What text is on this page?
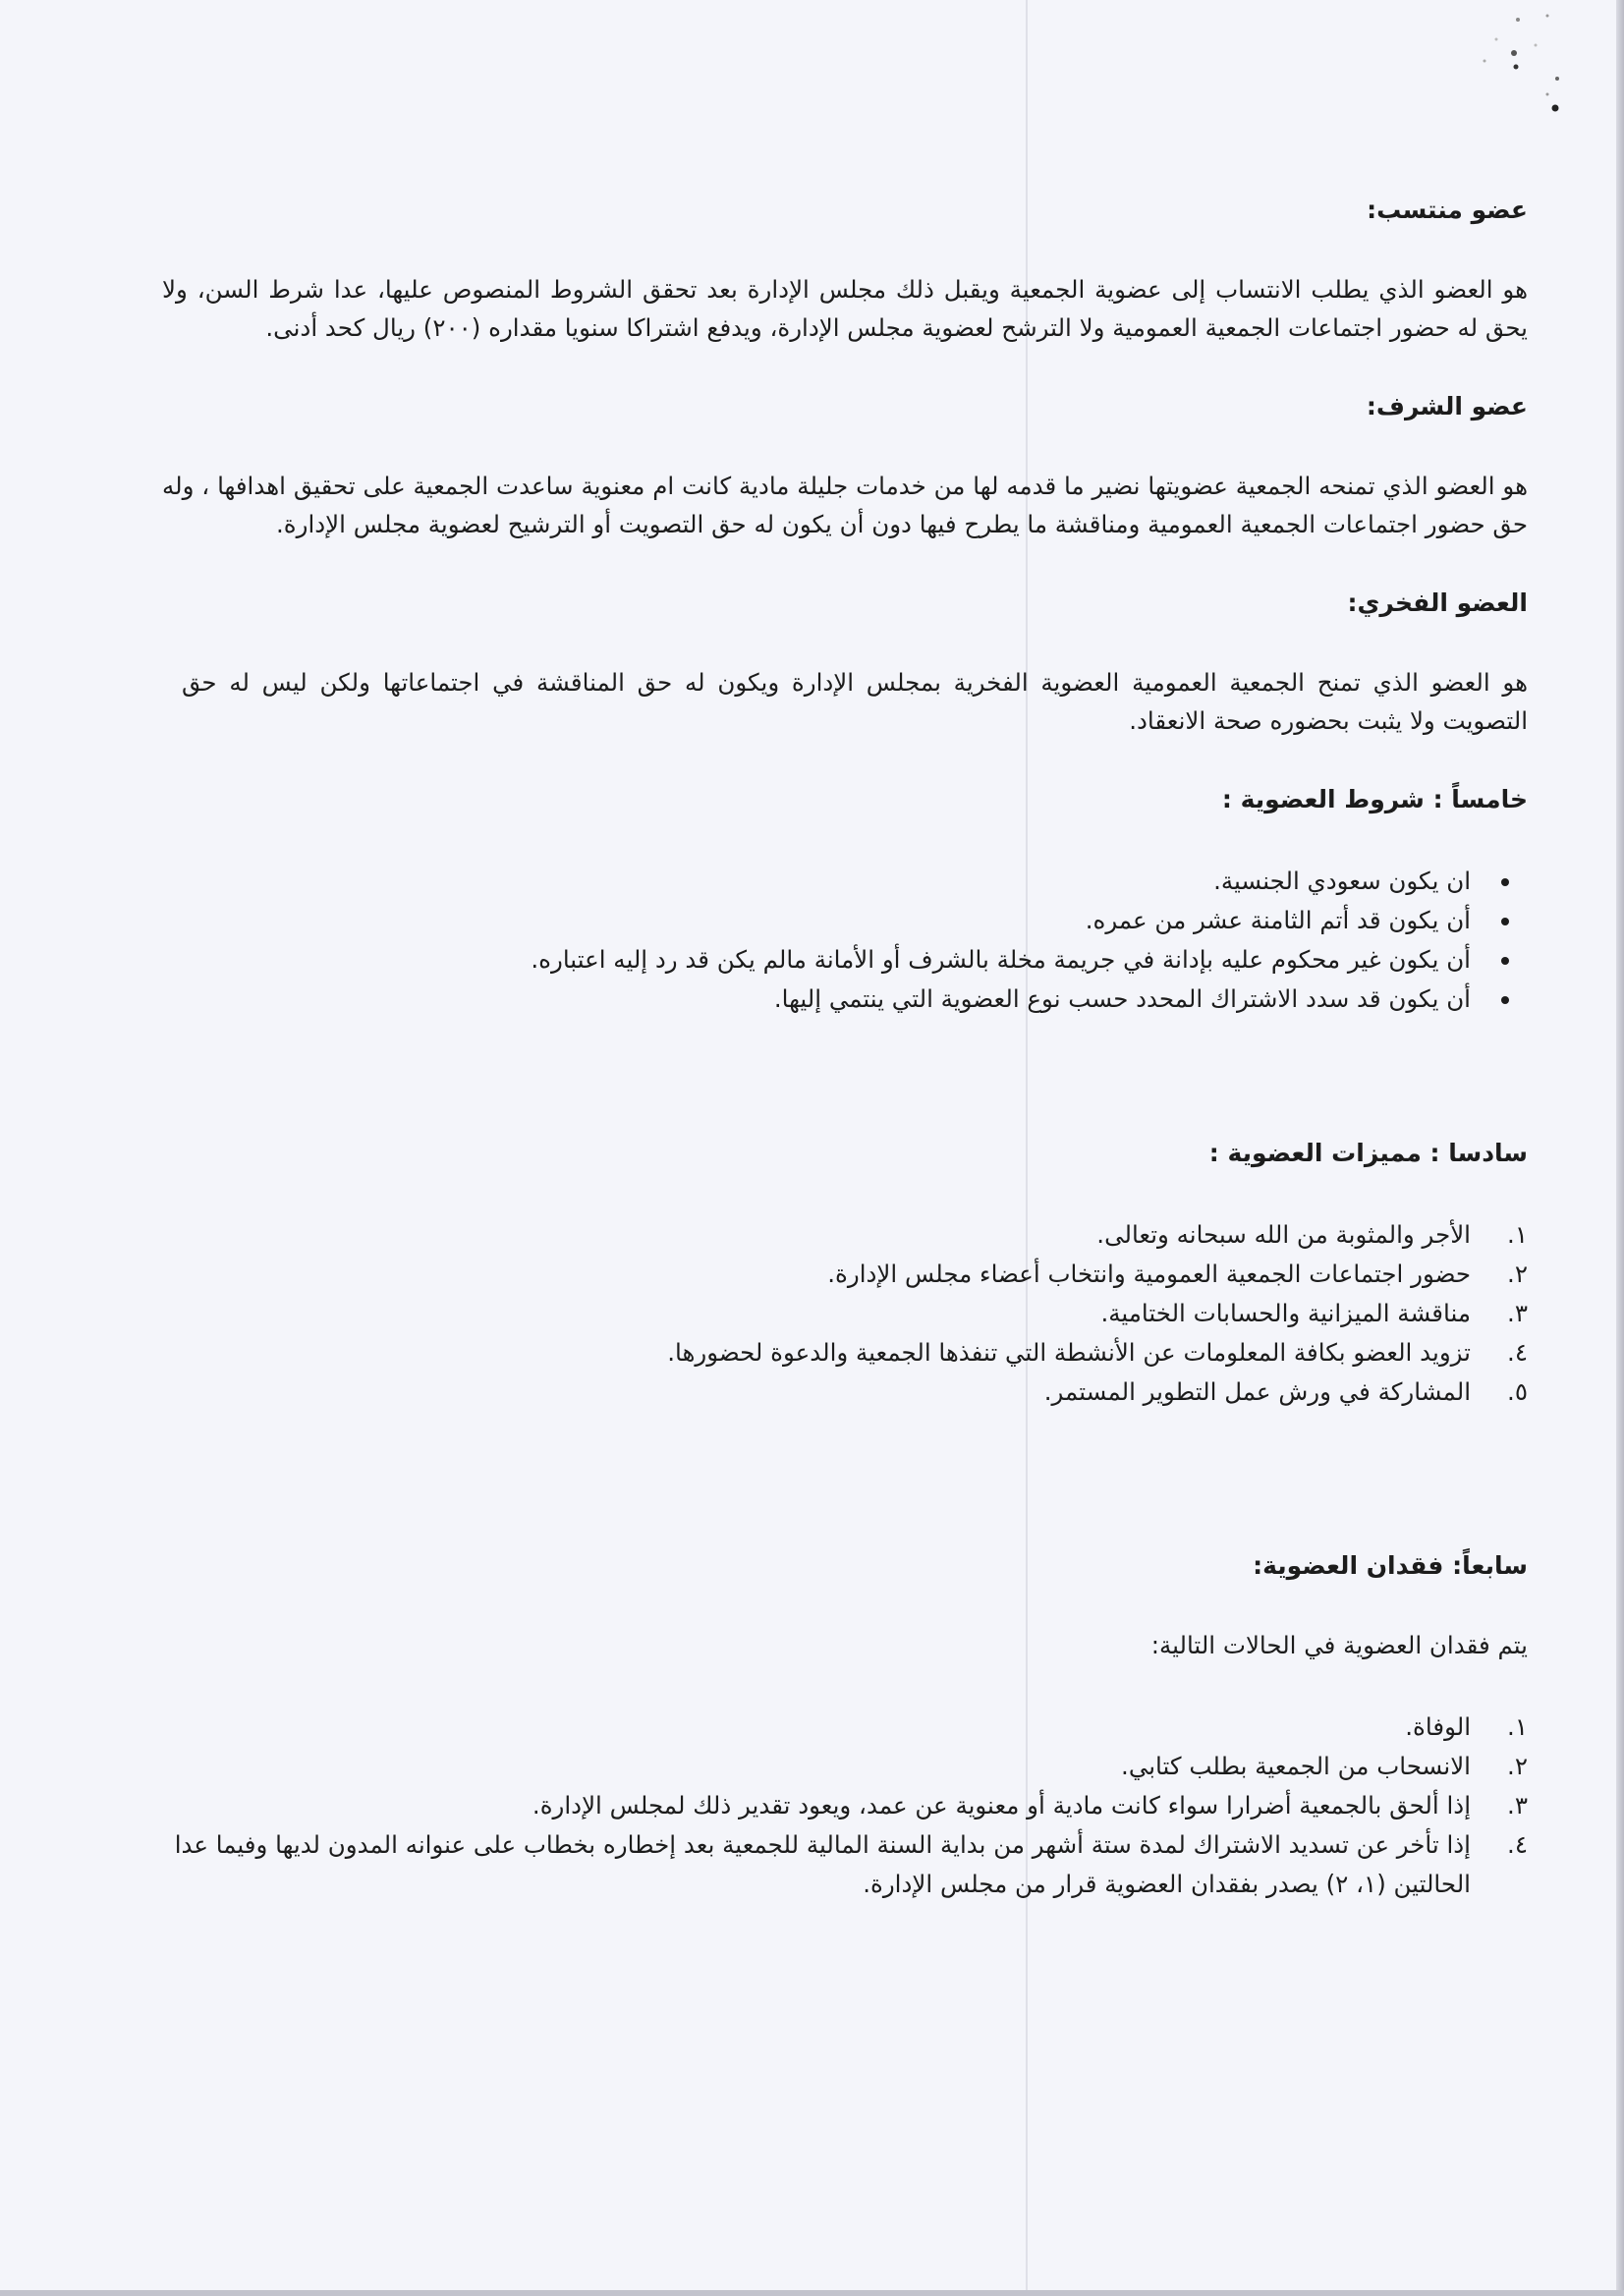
عضو منتسب:

هو العضو الذي يطلب الانتساب إلى عضوية الجمعية ويقبل ذلك مجلس الإدارة بعد تحقق الشروط المنصوص عليها، عدا شرط السن، ولا يحق له حضور اجتماعات الجمعية العمومية ولا الترشح لعضوية مجلس الإدارة، ويدفع اشتراكا سنويا مقداره (٢٠٠) ريال كحد أدنى.

عضو الشرف:

هو العضو الذي تمنحه الجمعية عضويتها نضير ما قدمه لها من خدمات جليلة مادية كانت ام معنوية ساعدت الجمعية على تحقيق اهدافها ، وله حق حضور اجتماعات الجمعية العمومية ومناقشة ما يطرح فيها دون أن يكون له حق التصويت أو الترشيح لعضوية مجلس الإدارة.

العضو الفخري:

هو العضو الذي تمنح الجمعية العمومية العضوية الفخرية بمجلس الإدارة ويكون له حق المناقشة في اجتماعاتها ولكن ليس له حق التصويت ولا يثبت بحضوره صحة الانعقاد.

خامساً : شروط العضوية :
ان يكون سعودي الجنسية.
أن يكون قد أتم الثامنة عشر من عمره.
أن يكون غير محكوم عليه بإدانة في جريمة مخلة بالشرف أو الأمانة مالم يكن قد رد إليه اعتباره.
أن يكون قد سدد الاشتراك المحدد حسب نوع العضوية التي ينتمي إليها.
سادسا : مميزات العضوية :
١.
الأجر والمثوبة من الله سبحانه وتعالى.
٢.
حضور اجتماعات الجمعية العمومية وانتخاب أعضاء مجلس الإدارة.
٣.
مناقشة الميزانية والحسابات الختامية.
٤.
تزويد العضو بكافة المعلومات عن الأنشطة التي تنفذها الجمعية والدعوة لحضورها.
٥.
المشاركة في ورش عمل التطوير المستمر.
سابعاً: فقدان العضوية:

يتم فقدان العضوية في الحالات التالية:

١.
الوفاة.
٢.
الانسحاب من الجمعية بطلب كتابي.
٣.
إذا ألحق بالجمعية أضرارا سواء كانت مادية أو معنوية عن عمد، ويعود تقدير ذلك لمجلس الإدارة.
٤.
إذا تأخر عن تسديد الاشتراك لمدة ستة أشهر من بداية السنة المالية للجمعية بعد إخطاره بخطاب على عنوانه المدون لديها وفيما عدا الحالتين (١، ٢) يصدر بفقدان العضوية قرار من مجلس الإدارة.
